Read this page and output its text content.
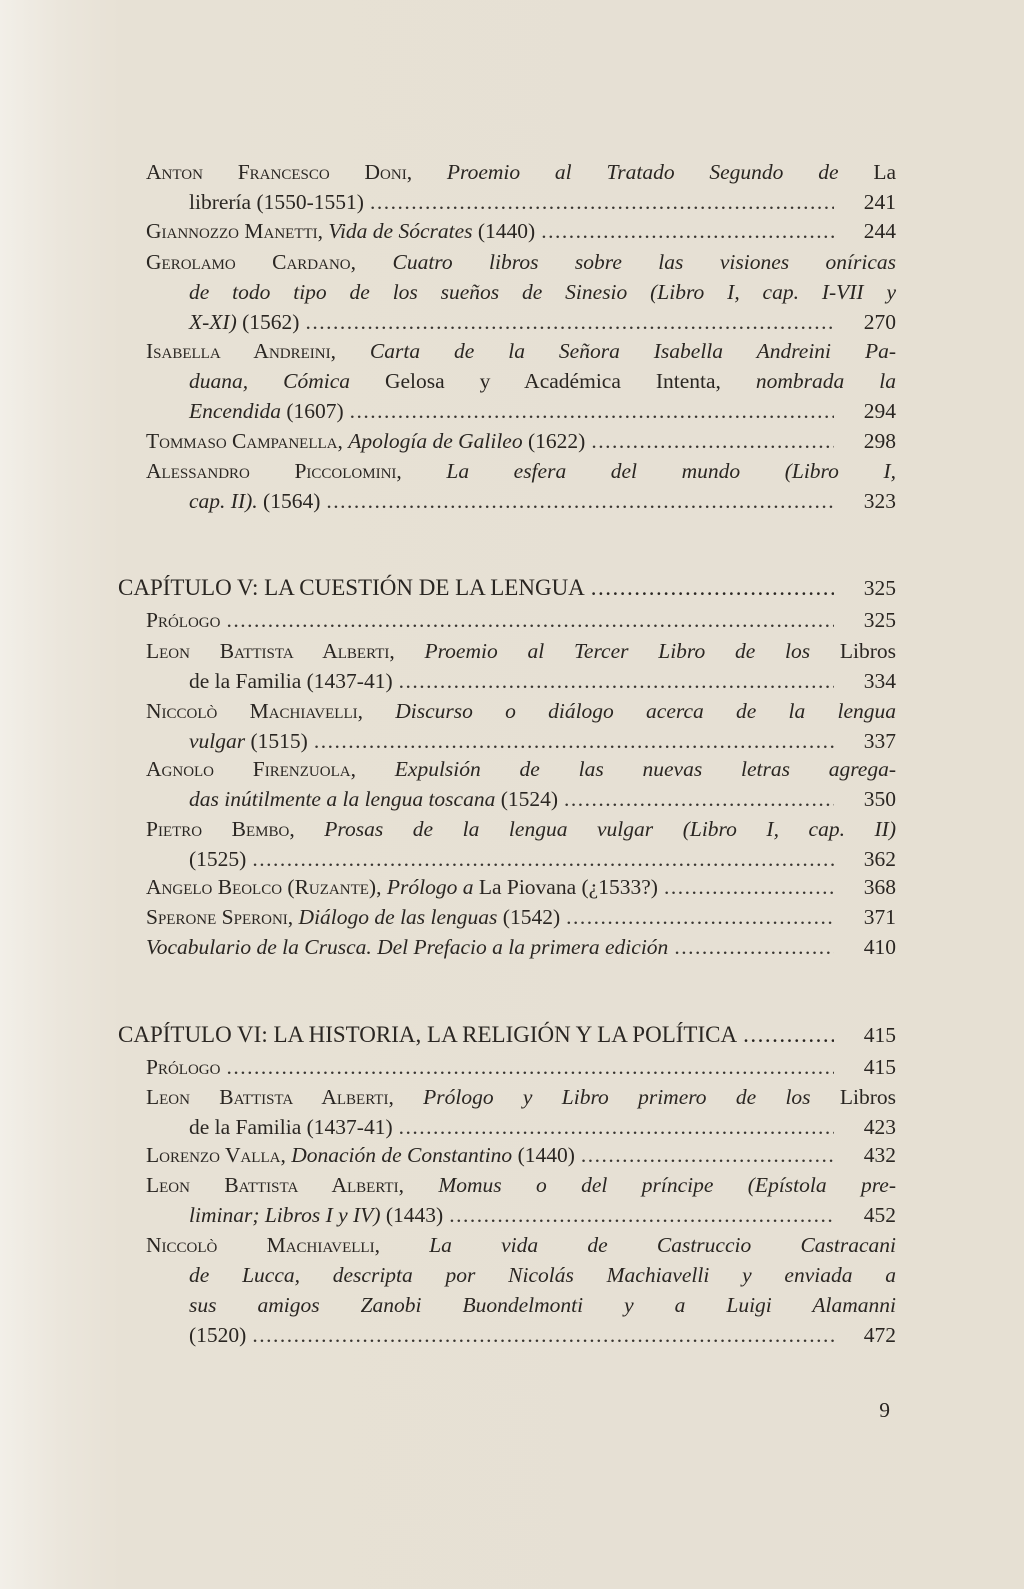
Anton Francesco Doni, Proemio al Tratado Segundo de La
librería (1550-1551) .....	241
Giannozzo Manetti, Vida de Sócrates (1440) .....	244
Gerolamo Cardano, Cuatro libros sobre las visiones oníricas
de todo tipo de los sueños de Sinesio (Libro I, cap. I-VII y
X-XI) (1562) .....	270
Isabella Andreini, Carta de la Señora Isabella Andreini Pa-
duana, Cómica Gelosa y Académica Intenta, nombrada la
Encendida (1607) .....	294
Tommaso Campanella, Apología de Galileo (1622) .....	298
Alessandro Piccolomini, La esfera del mundo (Libro I,
cap. II). (1564) .....	323
CAPÍTULO V: LA CUESTIÓN DE LA LENGUA .....	325
Prólogo .....	325
Leon Battista Alberti, Proemio al Tercer Libro de los Libros
de la Familia (1437-41) .....	334
Niccolò Machiavelli, Discurso o diálogo acerca de la lengua
vulgar (1515) .....	337
Agnolo Firenzuola, Expulsión de las nuevas letras agrega-
das inútilmente a la lengua toscana (1524) .....	350
Pietro Bembo, Prosas de la lengua vulgar (Libro I, cap. II)
(1525) .....	362
Angelo Beolco (Ruzante), Prólogo a La Piovana (¿1533?) .....	368
Sperone Speroni, Diálogo de las lenguas (1542) .....	371
Vocabulario de la Crusca. Del Prefacio a la primera edición .....	410
CAPÍTULO VI: LA HISTORIA, LA RELIGIÓN Y LA POLÍTICA .....	415
Prólogo .....	415
Leon Battista Alberti, Prólogo y Libro primero de los Libros
de la Familia (1437-41) .....	423
Lorenzo Valla, Donación de Constantino (1440) .....	432
Leon Battista Alberti, Momus o del príncipe (Epístola pre-
liminar; Libros I y IV) (1443) .....	452
Niccolò Machiavelli, La vida de Castruccio Castracani
de Lucca, descripta por Nicolás Machiavelli y enviada a
sus amigos Zanobi Buondelmonti y a Luigi Alamanni
(1520) .....	472
9
